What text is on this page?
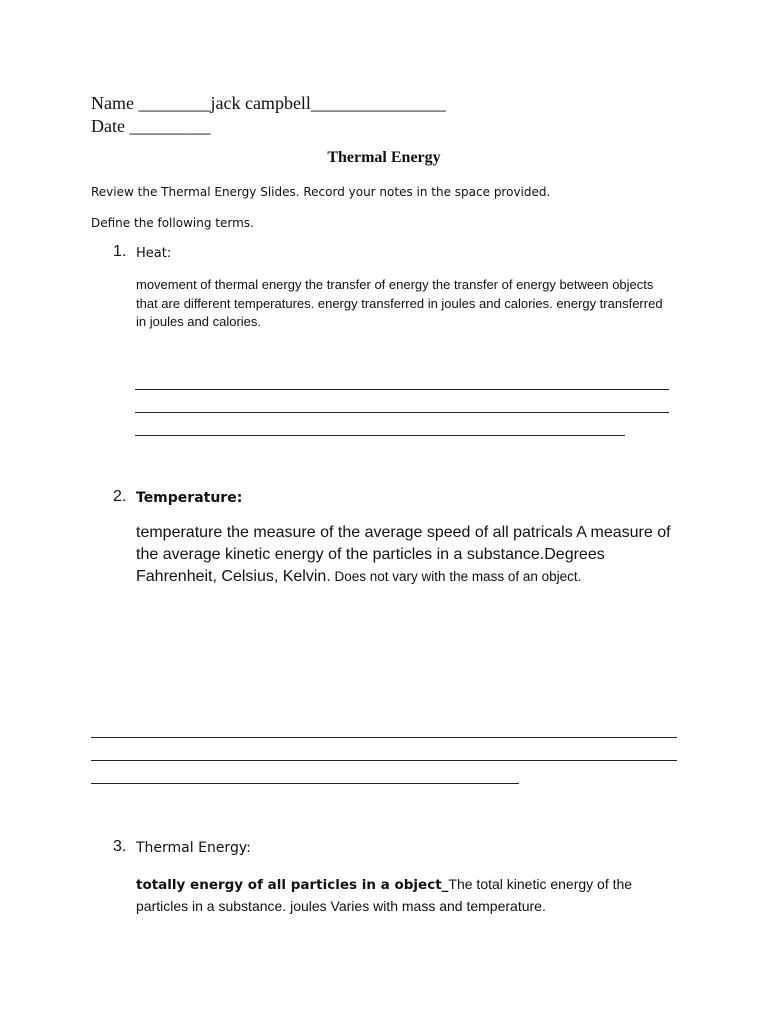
Name ________jack campbell_______________
Date _________
Thermal Energy
Review the Thermal Energy Slides. Record your notes in the space provided.
Define the following terms.
1. Heat:
movement of thermal energy the transfer of energy the transfer of energy between objects that are different temperatures. energy transferred in joules and calories. energy transferred in joules and calories.
2. Temperature:
temperature the measure of the average speed of all patricals A measure of the average kinetic energy of the particles in a substance.Degrees Fahrenheit, Celsius, Kelvin. Does not vary with the mass of an object.
3. Thermal Energy:
totally energy of all particles in a object_The total kinetic energy of the particles in a substance. joules Varies with mass and temperature.
